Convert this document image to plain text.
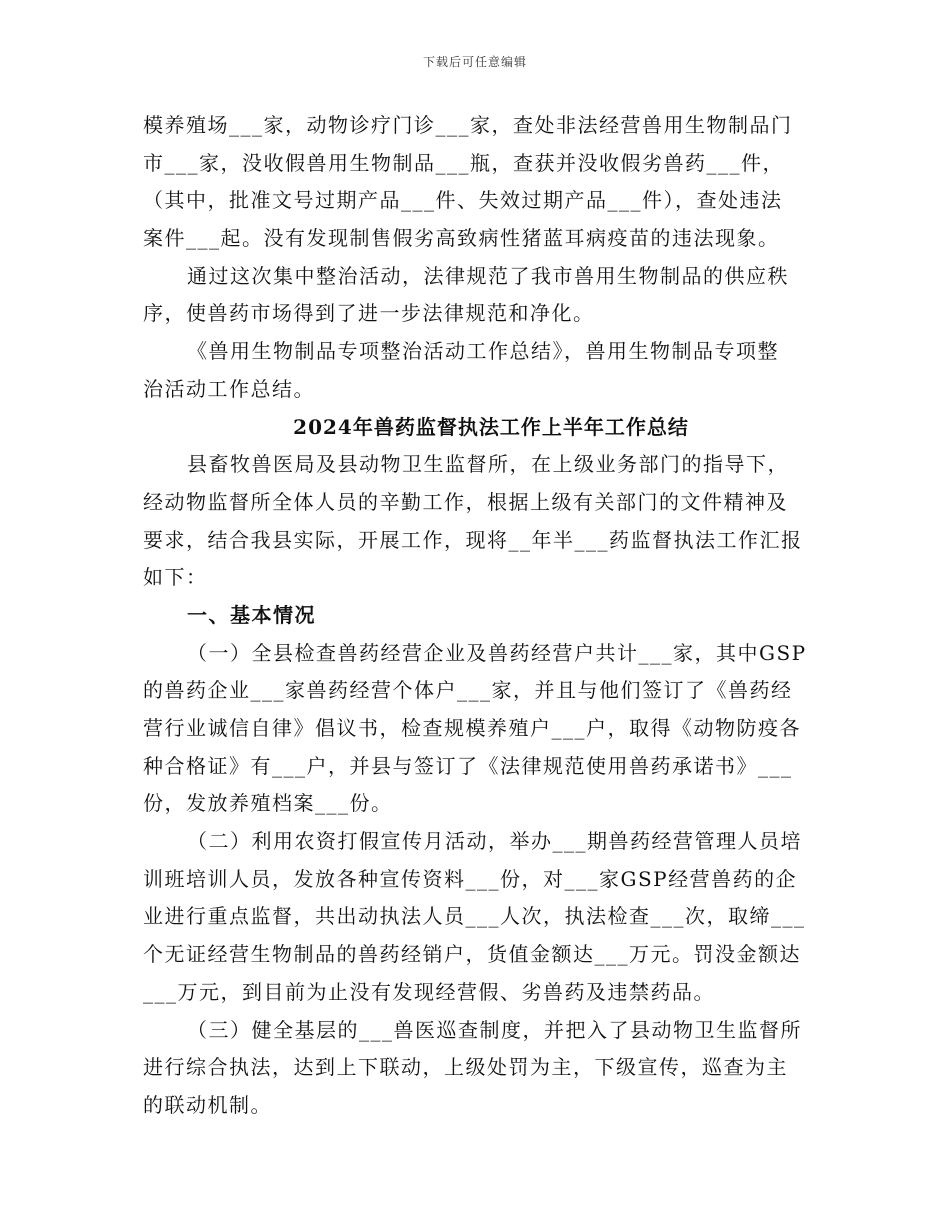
下载后可任意编辑
模养殖场___家，动物诊疗门诊___家，查处非法经营兽用生物制品门
市___家，没收假兽用生物制品___瓶，查获并没收假劣兽药___件，
（其中，批准文号过期产品___件、失效过期产品___件），查处违法
案件___起。没有发现制售假劣高致病性猪蓝耳病疫苗的违法现象。
通过这次集中整治活动，法律规范了我市兽用生物制品的供应秩
序，使兽药市场得到了进一步法律规范和净化。
《兽用生物制品专项整治活动工作总结》，兽用生物制品专项整
治活动工作总结。
2024年兽药监督执法工作上半年工作总结
县畜牧兽医局及县动物卫生监督所，在上级业务部门的指导下，
经动物监督所全体人员的辛勤工作，根据上级有关部门的文件精神及
要求，结合我县实际，开展工作，现将__年半___药监督执法工作汇报
如下：
一、基本情况
（一）全县检查兽药经营企业及兽药经营户共计___家，其中GSP
的兽药企业___家兽药经营个体户___家，并且与他们签订了《兽药经
营行业诚信自律》倡议书，检查规模养殖户___户，取得《动物防疫各
种合格证》有___户，并县与签订了《法律规范使用兽药承诺书》___
份，发放养殖档案___份。
（二）利用农资打假宣传月活动，举办___期兽药经营管理人员培
训班培训人员，发放各种宣传资料___份，对___家GSP经营兽药的企
业进行重点监督，共出动执法人员___人次，执法检查___次，取缔___
个无证经营生物制品的兽药经销户，货值金额达___万元。罚没金额达
___万元，到目前为止没有发现经营假、劣兽药及违禁药品。
（三）健全基层的___兽医巡查制度，并把入了县动物卫生监督所
进行综合执法，达到上下联动，上级处罚为主，下级宣传，巡查为主
的联动机制。
